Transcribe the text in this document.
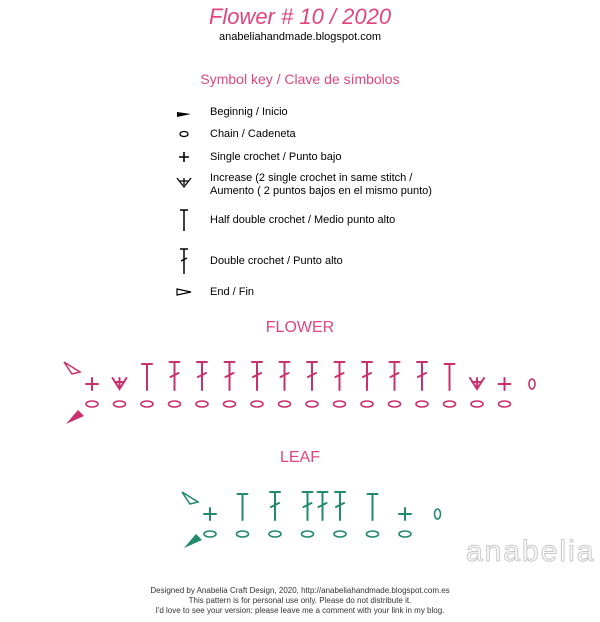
Flower # 10 / 2020
anabeliahandmade.blogspot.com
Symbol key / Clave de símbolos
Beginnig / Inicio
Chain / Cadeneta
Single crochet / Punto bajo
Increase (2 single crochet in same stitch /
Aumento ( 2 puntos bajos en el mismo punto)
Half double crochet / Medio punto alto
Double crochet / Punto alto
End / Fin
FLOWER
LEAF
anabelia
Designed by Anabelia Craft Design, 2020, http://anabeliahandmade.blogspot.com.es
This pattern is for personal use only. Please do not distribute it.
I'd love to see your version: please leave me a comment with your link in my blog.
